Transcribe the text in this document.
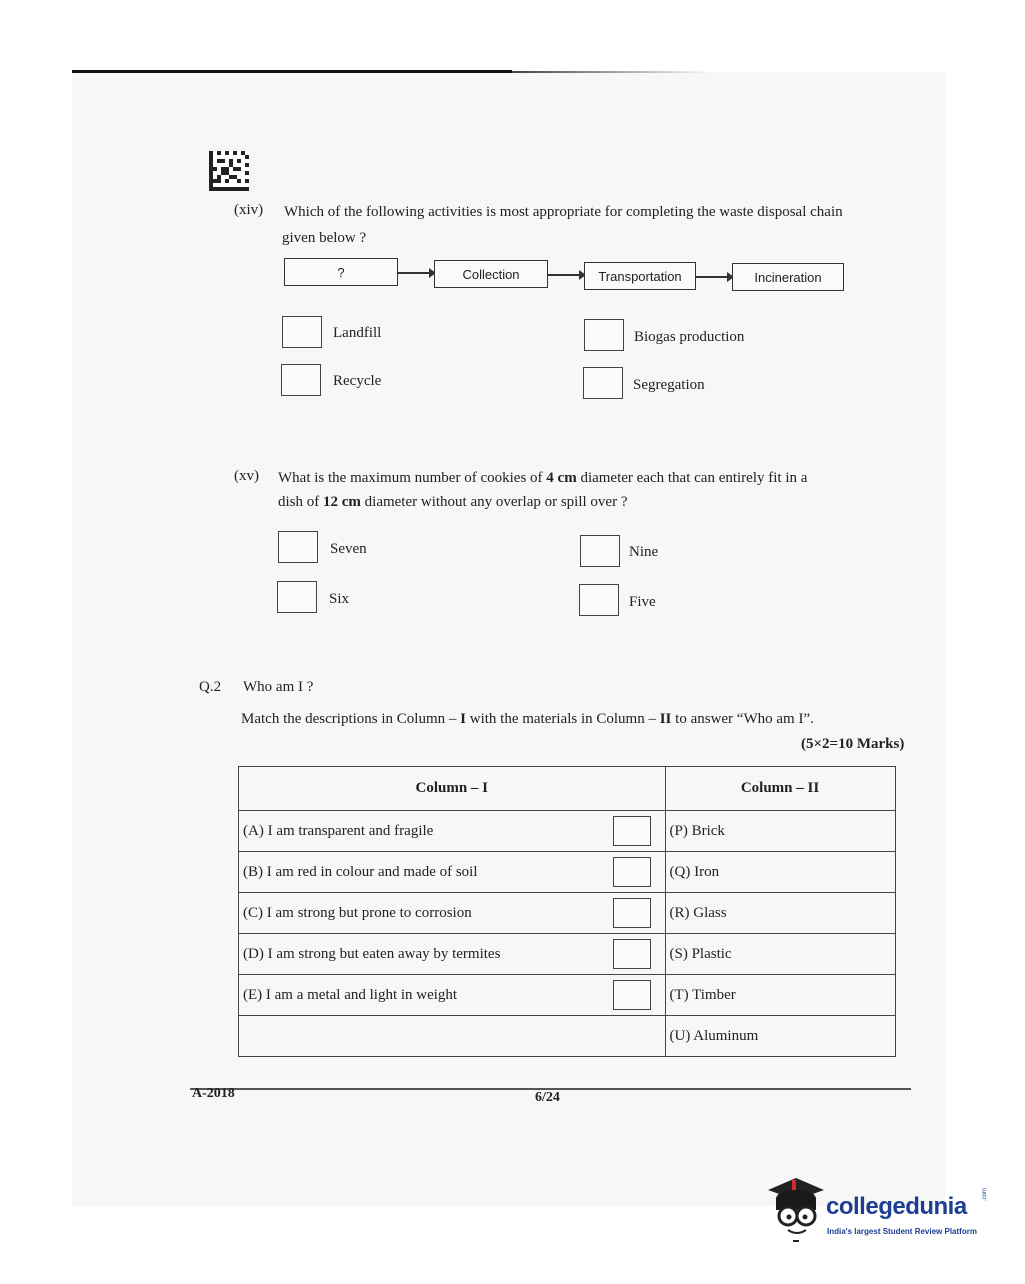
(xiv) Which of the following activities is most appropriate for completing the waste disposal chain
given below ?
?	Collection	Transportation	Incineration
Landfill	Biogas production
Recycle	Segregation
(xv) What is the maximum number of cookies of 4 cm diameter each that can entirely fit in a
dish of 12 cm diameter without any overlap or spill over ?
Seven	Nine
Six	Five
Q.2 Who am I ?
Match the descriptions in Column – I with the materials in Column – II to answer “Who am I”.
(5×2=10 Marks)
Column – I		Column – II
(A) I am transparent and fragile		(P) Brick
(B) I am red in colour and made of soil		(Q) Iron
(C) I am strong but prone to corrosion		(R) Glass
(D) I am strong but eaten away by termites		(S) Plastic
(E) I am a metal and light in weight		(T) Timber
		(U) Aluminum
A-2018	6/24
collegedunia	.com
India's largest Student Review Platform
